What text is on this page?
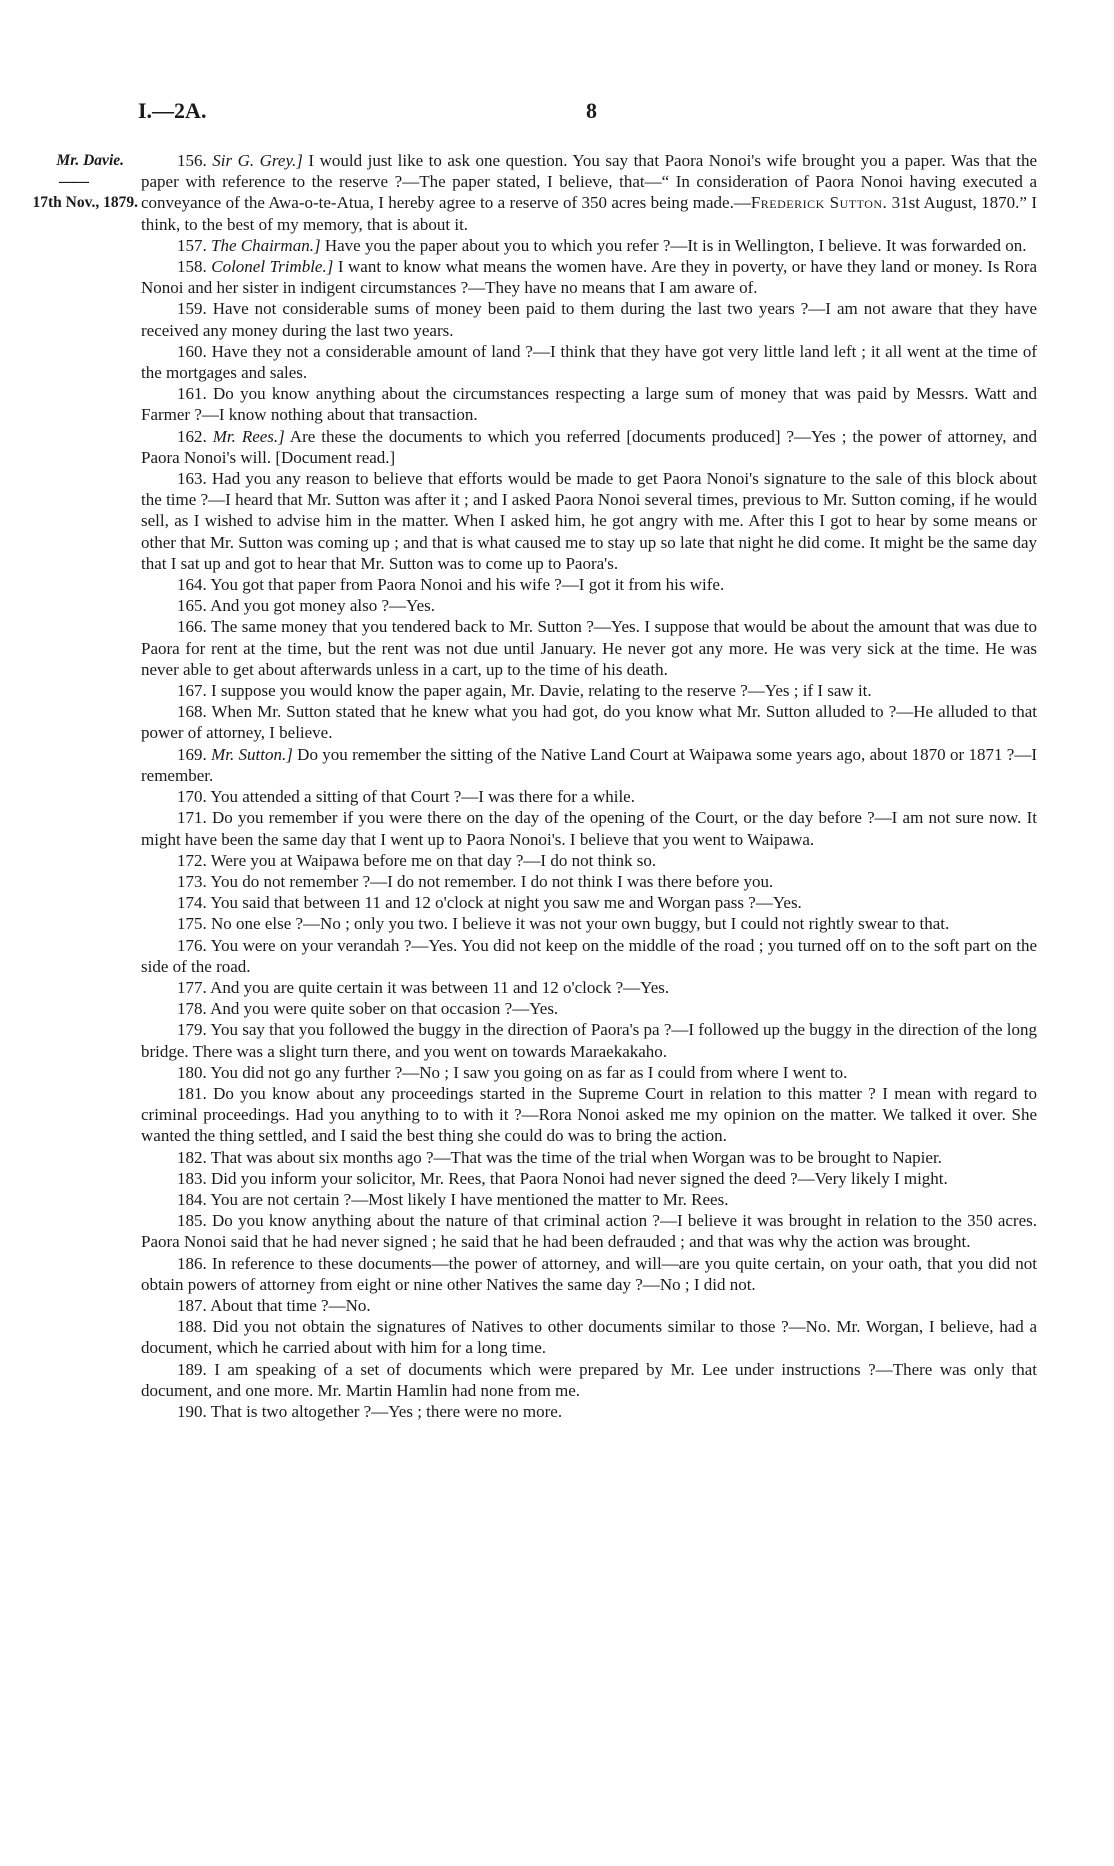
I.—2A.	8
Mr. Davie.
——
17th Nov., 1879.

156. Sir G. Grey.] I would just like to ask one question. You say that Paora Nonoi's wife brought you a paper. Was that the paper with reference to the reserve ?—The paper stated, I believe, that—“ In consideration of Paora Nonoi having executed a conveyance of the Awa-o-te-Atua, I hereby agree to a reserve of 350 acres being made.—Frederick Sutton. 31st August, 1870.” I think, to the best of my memory, that is about it.

157. The Chairman.] Have you the paper about you to which you refer ?—It is in Wellington, I believe. It was forwarded on.

158. Colonel Trimble.] I want to know what means the women have. Are they in poverty, or have they land or money. Is Rora Nonoi and her sister in indigent circumstances ?—They have no means that I am aware of.

159. Have not considerable sums of money been paid to them during the last two years ?—I am not aware that they have received any money during the last two years.

160. Have they not a considerable amount of land ?—I think that they have got very little land left ; it all went at the time of the mortgages and sales.

161. Do you know anything about the circumstances respecting a large sum of money that was paid by Messrs. Watt and Farmer ?—I know nothing about that transaction.

162. Mr. Rees.] Are these the documents to which you referred [documents produced] ?—Yes ; the power of attorney, and Paora Nonoi's will. [Document read.]

163. Had you any reason to believe that efforts would be made to get Paora Nonoi's signature to the sale of this block about the time ?—I heard that Mr. Sutton was after it ; and I asked Paora Nonoi several times, previous to Mr. Sutton coming, if he would sell, as I wished to advise him in the matter. When I asked him, he got angry with me. After this I got to hear by some means or other that Mr. Sutton was coming up ; and that is what caused me to stay up so late that night he did come. It might be the same day that I sat up and got to hear that Mr. Sutton was to come up to Paora's.

164. You got that paper from Paora Nonoi and his wife ?—I got it from his wife.

165. And you got money also ?—Yes.

166. The same money that you tendered back to Mr. Sutton ?—Yes. I suppose that would be about the amount that was due to Paora for rent at the time, but the rent was not due until January. He never got any more. He was very sick at the time. He was never able to get about afterwards unless in a cart, up to the time of his death.

167. I suppose you would know the paper again, Mr. Davie, relating to the reserve ?—Yes ; if I saw it.

168. When Mr. Sutton stated that he knew what you had got, do you know what Mr. Sutton alluded to ?—He alluded to that power of attorney, I believe.

169. Mr. Sutton.] Do you remember the sitting of the Native Land Court at Waipawa some years ago, about 1870 or 1871 ?—I remember.

170. You attended a sitting of that Court ?—I was there for a while.

171. Do you remember if you were there on the day of the opening of the Court, or the day before ?—I am not sure now. It might have been the same day that I went up to Paora Nonoi's. I believe that you went to Waipawa.

172. Were you at Waipawa before me on that day ?—I do not think so.

173. You do not remember ?—I do not remember. I do not think I was there before you.

174. You said that between 11 and 12 o'clock at night you saw me and Worgan pass ?—Yes.

175. No one else ?—No ; only you two. I believe it was not your own buggy, but I could not rightly swear to that.

176. You were on your verandah ?—Yes. You did not keep on the middle of the road ; you turned off on to the soft part on the side of the road.

177. And you are quite certain it was between 11 and 12 o'clock ?—Yes.

178. And you were quite sober on that occasion ?—Yes.

179. You say that you followed the buggy in the direction of Paora's pa ?—I followed up the buggy in the direction of the long bridge. There was a slight turn there, and you went on towards Maraekakaho.

180. You did not go any further ?—No ; I saw you going on as far as I could from where I went to.

181. Do you know about any proceedings started in the Supreme Court in relation to this matter ? I mean with regard to criminal proceedings. Had you anything to to with it ?—Rora Nonoi asked me my opinion on the matter. We talked it over. She wanted the thing settled, and I said the best thing she could do was to bring the action.

182. That was about six months ago ?—That was the time of the trial when Worgan was to be brought to Napier.

183. Did you inform your solicitor, Mr. Rees, that Paora Nonoi had never signed the deed ?—Very likely I might.

184. You are not certain ?—Most likely I have mentioned the matter to Mr. Rees.

185. Do you know anything about the nature of that criminal action ?—I believe it was brought in relation to the 350 acres. Paora Nonoi said that he had never signed ; he said that he had been defrauded ; and that was why the action was brought.

186. In reference to these documents—the power of attorney, and will—are you quite certain, on your oath, that you did not obtain powers of attorney from eight or nine other Natives the same day ?—No ; I did not.

187. About that time ?—No.

188. Did you not obtain the signatures of Natives to other documents similar to those ?—No. Mr. Worgan, I believe, had a document, which he carried about with him for a long time.

189. I am speaking of a set of documents which were prepared by Mr. Lee under instructions ?—There was only that document, and one more. Mr. Martin Hamlin had none from me.

190. That is two altogether ?—Yes ; there were no more.
